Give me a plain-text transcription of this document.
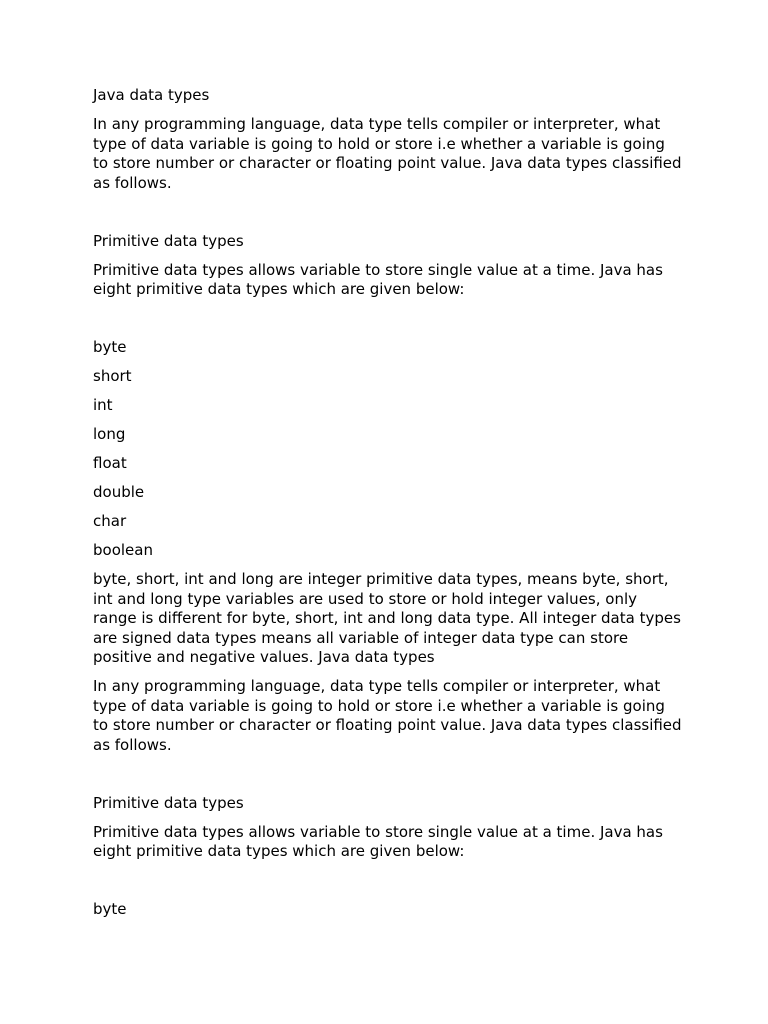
Java data types

In any programming language, data type tells compiler or interpreter, what type of data variable is going to hold or store i.e whether a variable is going to store number or character or floating point value. Java data types classified as follows.

Primitive data types

Primitive data types allows variable to store single value at a time. Java has eight primitive data types which are given below:

byte

short

int

long

float

double

char

boolean

byte, short, int and long are integer primitive data types, means byte, short, int and long type variables are used to store or hold integer values, only range is different for byte, short, int and long data type. All integer data types are signed data types means all variable of integer data type can store positive and negative values. Java data types

In any programming language, data type tells compiler or interpreter, what type of data variable is going to hold or store i.e whether a variable is going to store number or character or floating point value. Java data types classified as follows.

Primitive data types

Primitive data types allows variable to store single value at a time. Java has eight primitive data types which are given below:

byte
